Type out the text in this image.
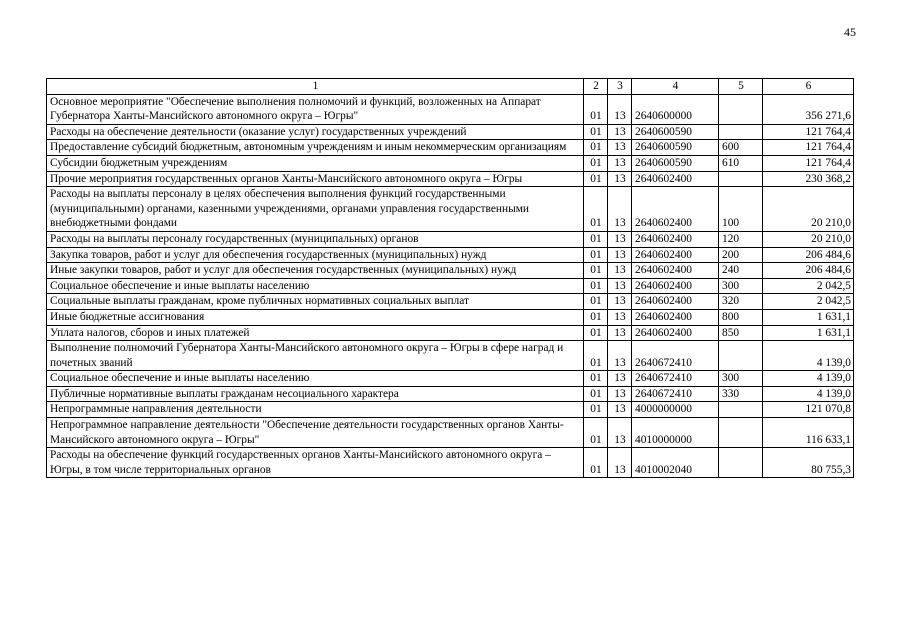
45
1	2	3	4	5	6
Основное мероприятие "Обеспечение выполнения полномочий и функций, возложенных на Аппарат Губернатора Ханты-Мансийского автономного округа – Югры"	01	13	2640600000		356 271,6
Расходы на обеспечение деятельности (оказание услуг) государственных учреждений	01	13	2640600590		121 764,4
Предоставление субсидий бюджетным, автономным учреждениям и иным некоммерческим организациям	01	13	2640600590	600	121 764,4
Субсидии бюджетным учреждениям	01	13	2640600590	610	121 764,4
Прочие мероприятия государственных органов Ханты-Мансийского автономного округа – Югры	01	13	2640602400		230 368,2
Расходы на выплаты персоналу в целях обеспечения выполнения функций государственными (муниципальными) органами, казенными учреждениями, органами управления государственными внебюджетными фондами	01	13	2640602400	100	20 210,0
Расходы на выплаты персоналу государственных (муниципальных) органов	01	13	2640602400	120	20 210,0
Закупка товаров, работ и услуг для обеспечения государственных (муниципальных) нужд	01	13	2640602400	200	206 484,6
Иные закупки товаров, работ и услуг для обеспечения государственных (муниципальных) нужд	01	13	2640602400	240	206 484,6
Социальное обеспечение и иные выплаты населению	01	13	2640602400	300	2 042,5
Социальные выплаты гражданам, кроме публичных нормативных социальных выплат	01	13	2640602400	320	2 042,5
Иные бюджетные ассигнования	01	13	2640602400	800	1 631,1
Уплата налогов, сборов и иных платежей	01	13	2640602400	850	1 631,1
Выполнение полномочий Губернатора Ханты-Мансийского автономного округа – Югры в сфере наград и почетных званий	01	13	2640672410		4 139,0
Социальное обеспечение и иные выплаты населению	01	13	2640672410	300	4 139,0
Публичные нормативные выплаты гражданам несоциального характера	01	13	2640672410	330	4 139,0
Непрограммные направления деятельности	01	13	4000000000		121 070,8
Непрограммное направление деятельности "Обеспечение деятельности государственных органов Ханты-Мансийского автономного округа – Югры"	01	13	4010000000		116 633,1
Расходы на обеспечение функций государственных органов Ханты-Мансийского автономного округа – Югры, в том числе территориальных органов	01	13	4010002040		80 755,3
